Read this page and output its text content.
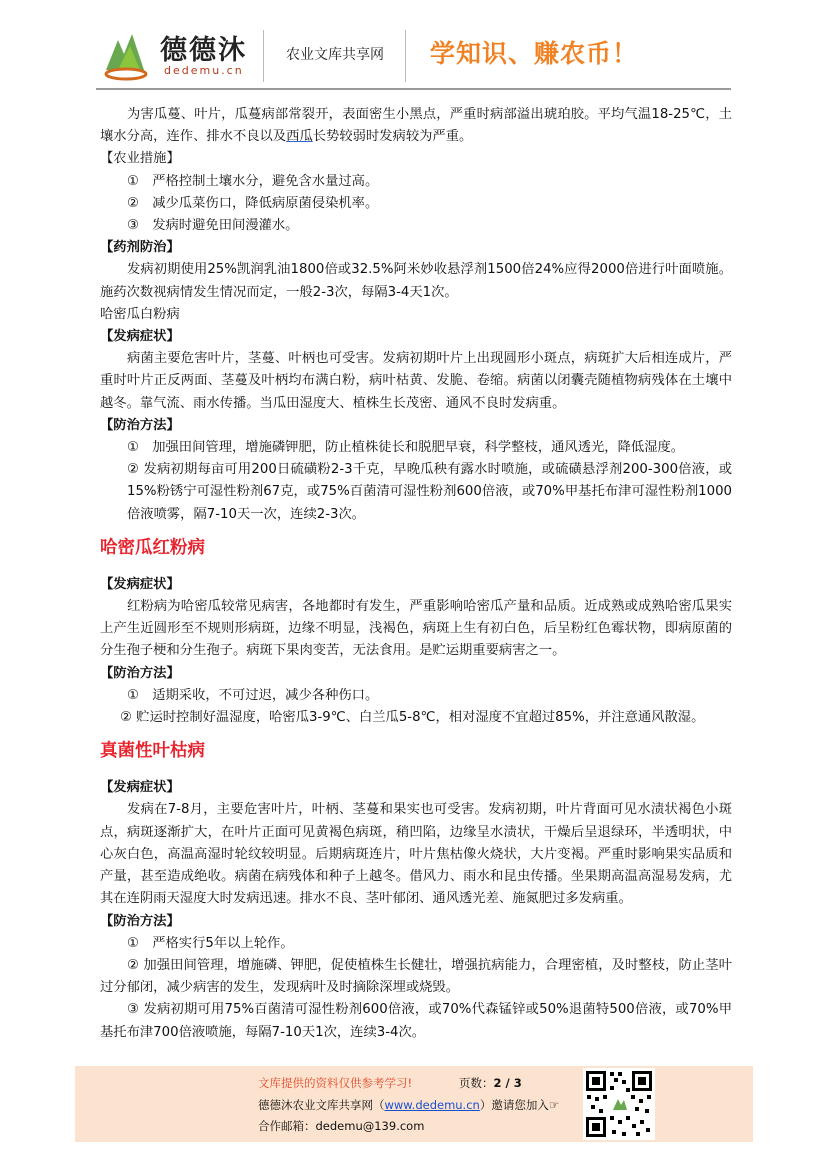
德德沐
dedemu.cn
农业文库共享网 学知识、赚农币！

为害瓜蔓、叶片，瓜蔓病部常裂开，表面密生小黑点，严重时病部溢出琥珀胶。平均气温18-25℃，土壤水分高，连作、排水不良以及西瓜长势较弱时发病较为严重。

【农业措施】

①　严格控制土壤水分，避免含水量过高。

②　减少瓜菜伤口，降低病原菌侵染机率。

③　发病时避免田间漫灌水。

【药剂防治】

发病初期使用25%凯润乳油1800倍或32.5%阿米妙收悬浮剂1500倍24%应得2000倍进行叶面喷施。施药次数视病情发生情况而定，一般2-3次，每隔3-4天1次。

哈密瓜白粉病

【发病症状】

病菌主要危害叶片，茎蔓、叶柄也可受害。发病初期叶片上出现圆形小斑点，病斑扩大后相连成片，严重时叶片正反两面、茎蔓及叶柄均布满白粉，病叶枯黄、发脆、卷缩。病菌以闭囊壳随植物病残体在土壤中越冬。靠气流、雨水传播。当瓜田湿度大、植株生长茂密、通风不良时发病重。

【防治方法】

①　加强田间管理，增施磷钾肥，防止植株徒长和脱肥早衰，科学整枝，通风透光，降低湿度。

② 发病初期每亩可用200日硫磺粉2-3千克，早晚瓜秧有露水时喷施，或硫磺悬浮剂200-300倍液，或15%粉锈宁可湿性粉剂67克，或75%百菌清可湿性粉剂600倍液，或70%甲基托布津可湿性粉剂1000倍液喷雾，隔7-10天一次，连续2-3次。

哈密瓜红粉病

【发病症状】

红粉病为哈密瓜较常见病害，各地都时有发生，严重影响哈密瓜产量和品质。近成熟或成熟哈密瓜果实上产生近圆形至不规则形病斑，边缘不明显，浅褐色，病斑上生有初白色，后呈粉红色霉状物，即病原菌的分生孢子梗和分生孢子。病斑下果肉变苦，无法食用。是贮运期重要病害之一。

【防治方法】

①　适期采收，不可过迟，减少各种伤口。

② 贮运时控制好温湿度，哈密瓜3-9℃、白兰瓜5-8℃，相对湿度不宜超过85%，并注意通风散湿。

真菌性叶枯病

【发病症状】

发病在7-8月，主要危害叶片，叶柄、茎蔓和果实也可受害。发病初期，叶片背面可见水渍状褐色小斑点，病斑逐渐扩大，在叶片正面可见黄褐色病斑，稍凹陷，边缘呈水渍状，干燥后呈退绿环，半透明状，中心灰白色，高温高湿时轮纹较明显。后期病斑连片，叶片焦枯像火烧状，大片变褐。严重时影响果实品质和产量，甚至造成绝收。病菌在病残体和种子上越冬。借风力、雨水和昆虫传播。坐果期高温高湿易发病，尤其在连阴雨天湿度大时发病迅速。排水不良、茎叶郁闭、通风透光差、施氮肥过多发病重。

【防治方法】

①　严格实行5年以上轮作。

② 加强田间管理，增施磷、钾肥，促使植株生长健壮，增强抗病能力，合理密植，及时整枝，防止茎叶过分郁闭，减少病害的发生，发现病叶及时摘除深埋或烧毁。

③ 发病初期可用75%百菌清可湿性粉剂600倍液，或70%代森锰锌或50%退菌特500倍液，或70%甲基托布津700倍液喷施，每隔7-10天1次，连续3-4次。

文库提供的资料仅供参考学习!	页数：2 / 3
德德沐农业文库共享网（www.dedemu.cn）邀请您加入☞
合作邮箱：dedemu@139.com
